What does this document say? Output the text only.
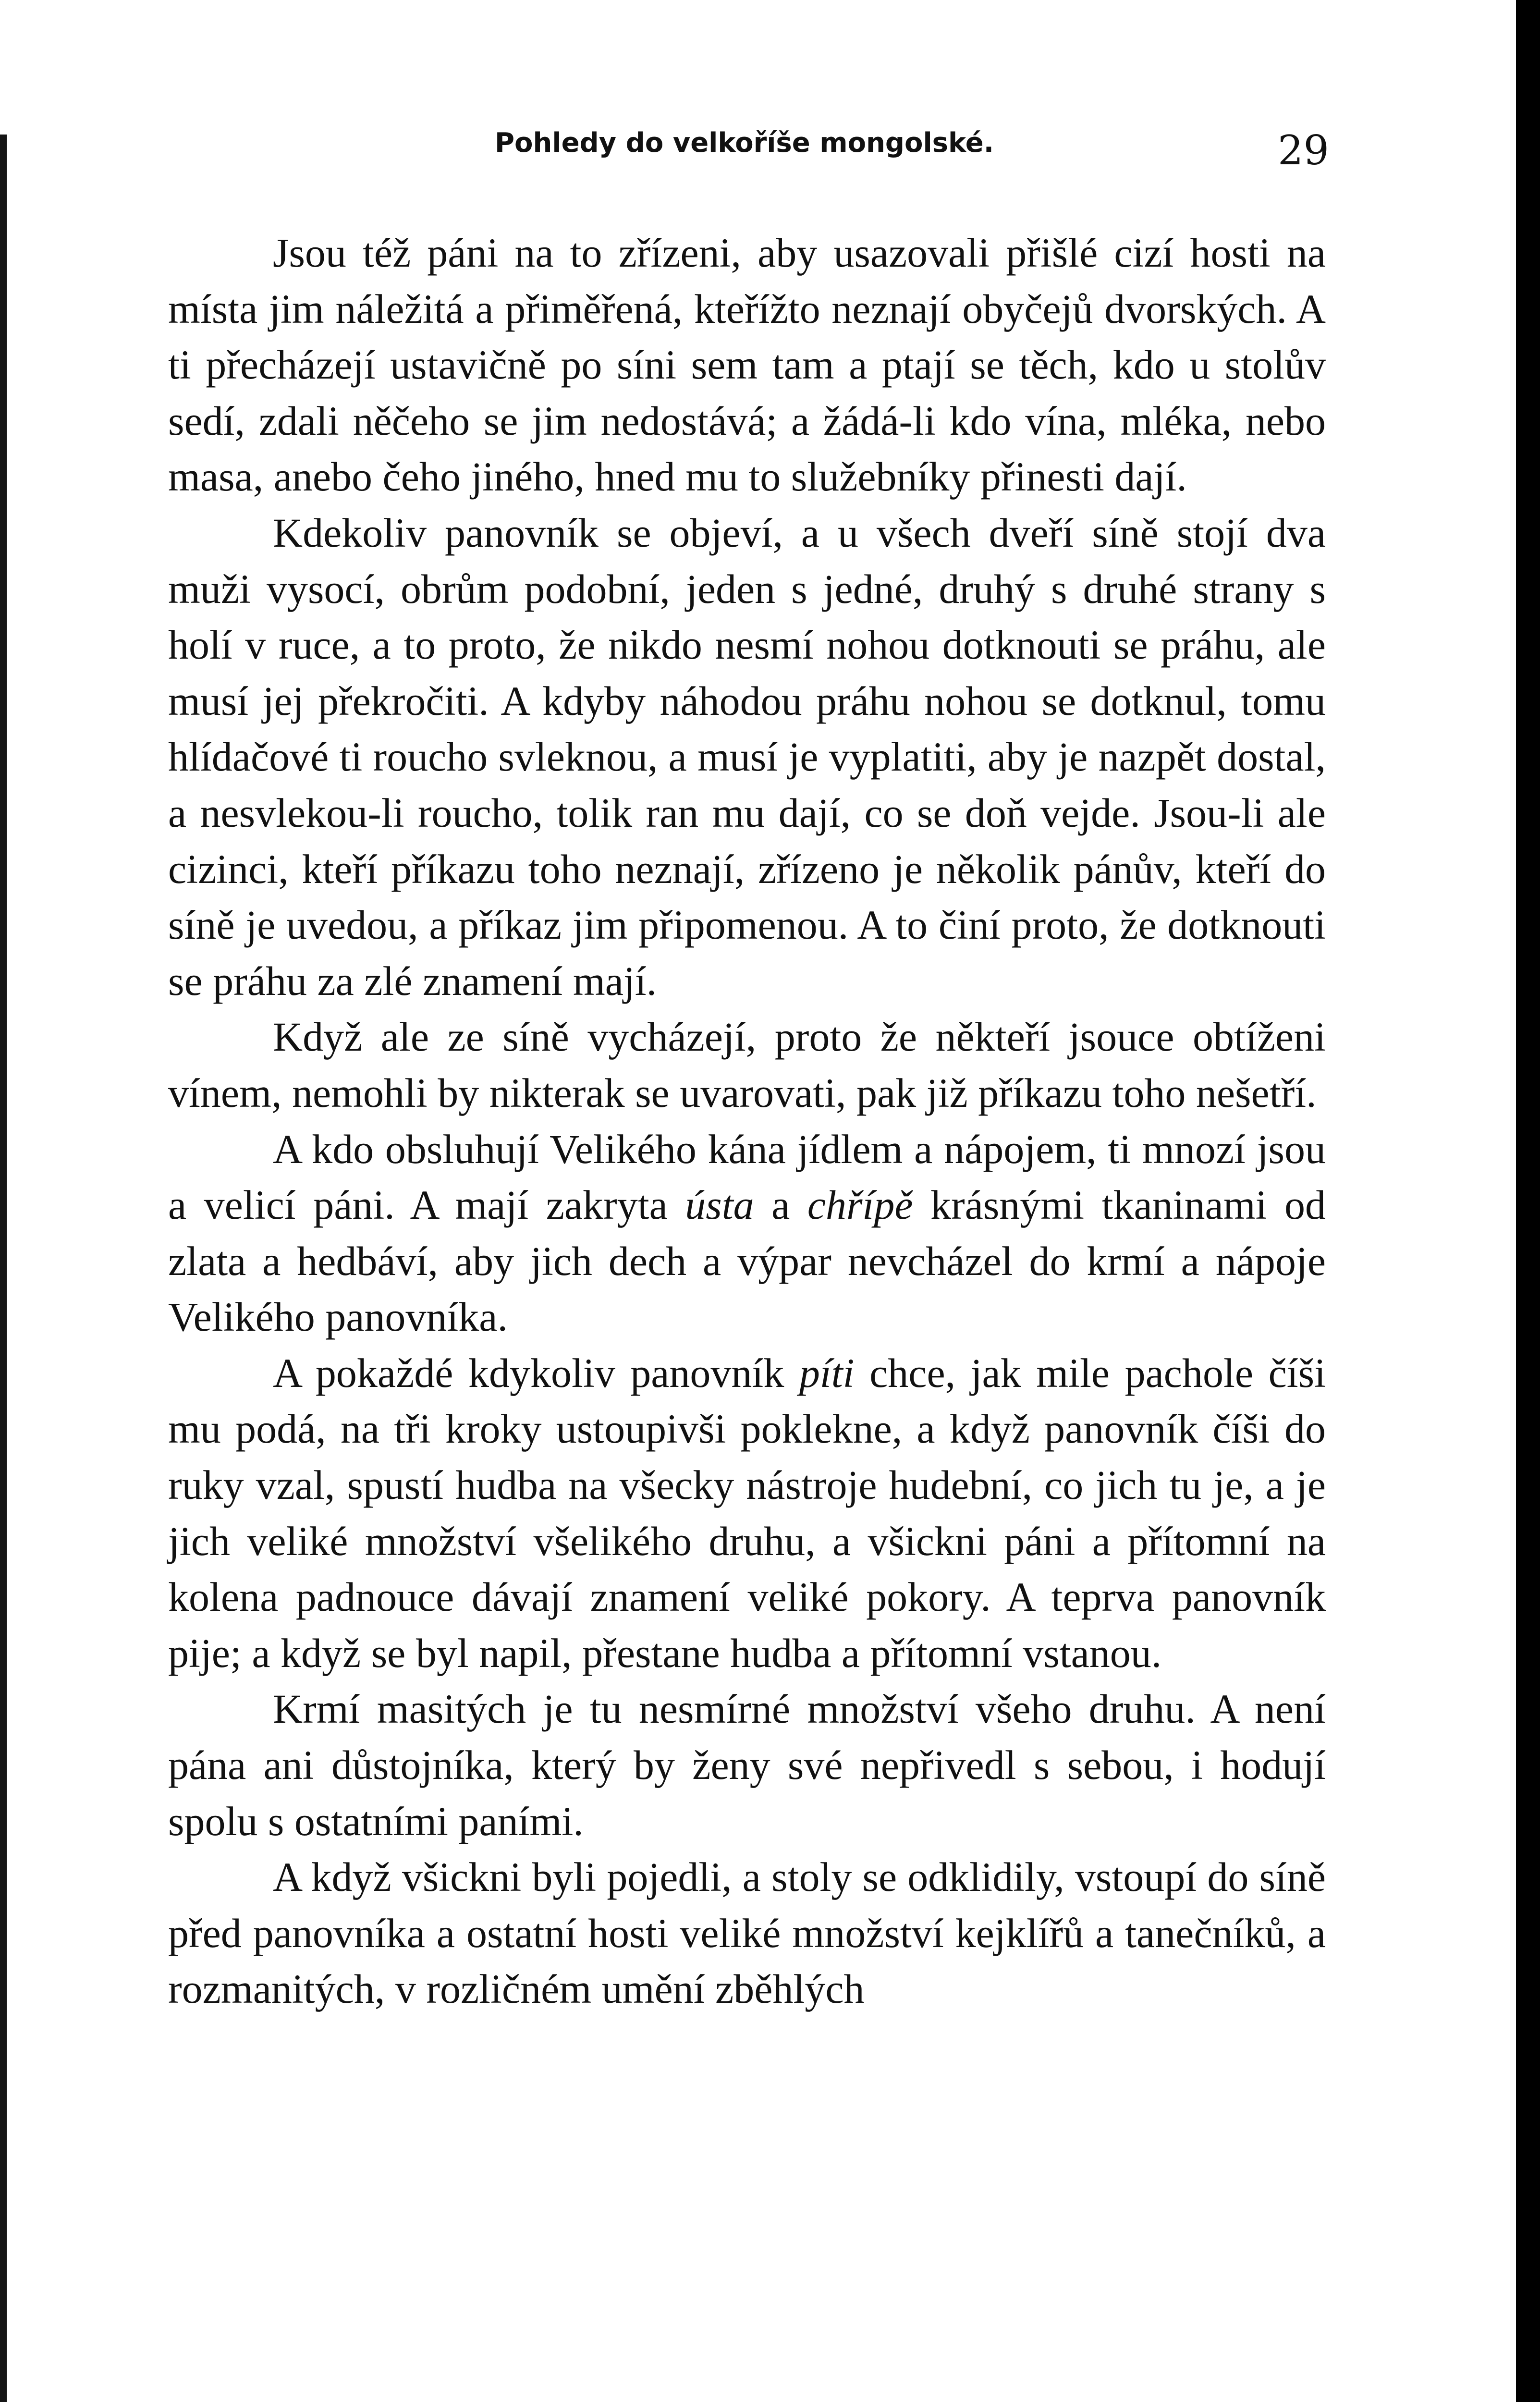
Pohledy do velkoříše mongolské.	29

Jsou též páni na to zřízeni, aby usazovali přišlé cizí hosti na místa jim náležitá a přiměřená, kteřížto neznají obyčejů dvorských. A ti přecházejí ustavičně po síni sem tam a ptají se těch, kdo u stolův sedí, zdali něčeho se jim nedostává; a žádá-li kdo vína, mléka, nebo masa, anebo čeho jiného, hned mu to služebníky přinesti dají.

Kdekoliv panovník se objeví, a u všech dveří síně stojí dva muži vysocí, obrům podobní, jeden s jedné, druhý s druhé strany s holí v ruce, a to proto, že nikdo nesmí nohou dotknouti se práhu, ale musí jej překročiti. A kdyby náhodou práhu nohou se dotknul, tomu hlídačové ti roucho svleknou, a musí je vyplatiti, aby je nazpět dostal, a nesvlekou-li roucho, tolik ran mu dají, co se doň vejde. Jsou-li ale cizinci, kteří příkazu toho neznají, zřízeno je několik pánův, kteří do síně je uvedou, a příkaz jim připomenou. A to činí proto, že dotknouti se práhu za zlé znamení mají.

Když ale ze síně vycházejí, proto že někteří jsouce obtíženi vínem, nemohli by nikterak se uvarovati, pak již příkazu toho nešetří.

A kdo obsluhují Velikého kána jídlem a nápojem, ti mnozí jsou a velicí páni. A mají zakryta ústa a chřípě krásnými tkaninami od zlata a hedbáví, aby jich dech a výpar nevcházel do krmí a nápoje Velikého panovníka.

A pokaždé kdykoliv panovník píti chce, jak mile pachole číši mu podá, na tři kroky ustoupivši poklekne, a když panovník číši do ruky vzal, spustí hudba na všecky nástroje hudební, co jich tu je, a je jich veliké množství všelikého druhu, a všickni páni a přítomní na kolena padnouce dávají znamení veliké pokory. A teprva panovník pije; a když se byl napil, přestane hudba a přítomní vstanou.

Krmí masitých je tu nesmírné množství všeho druhu. A není pána ani důstojníka, který by ženy své nepřivedl s sebou, i hodují spolu s ostatními paními.

A když všickni byli pojedli, a stoly se odklidily, vstoupí do síně před panovníka a ostatní hosti veliké množství kejklířů a tanečníků, a rozmanitých, v rozličném umění zběhlých
